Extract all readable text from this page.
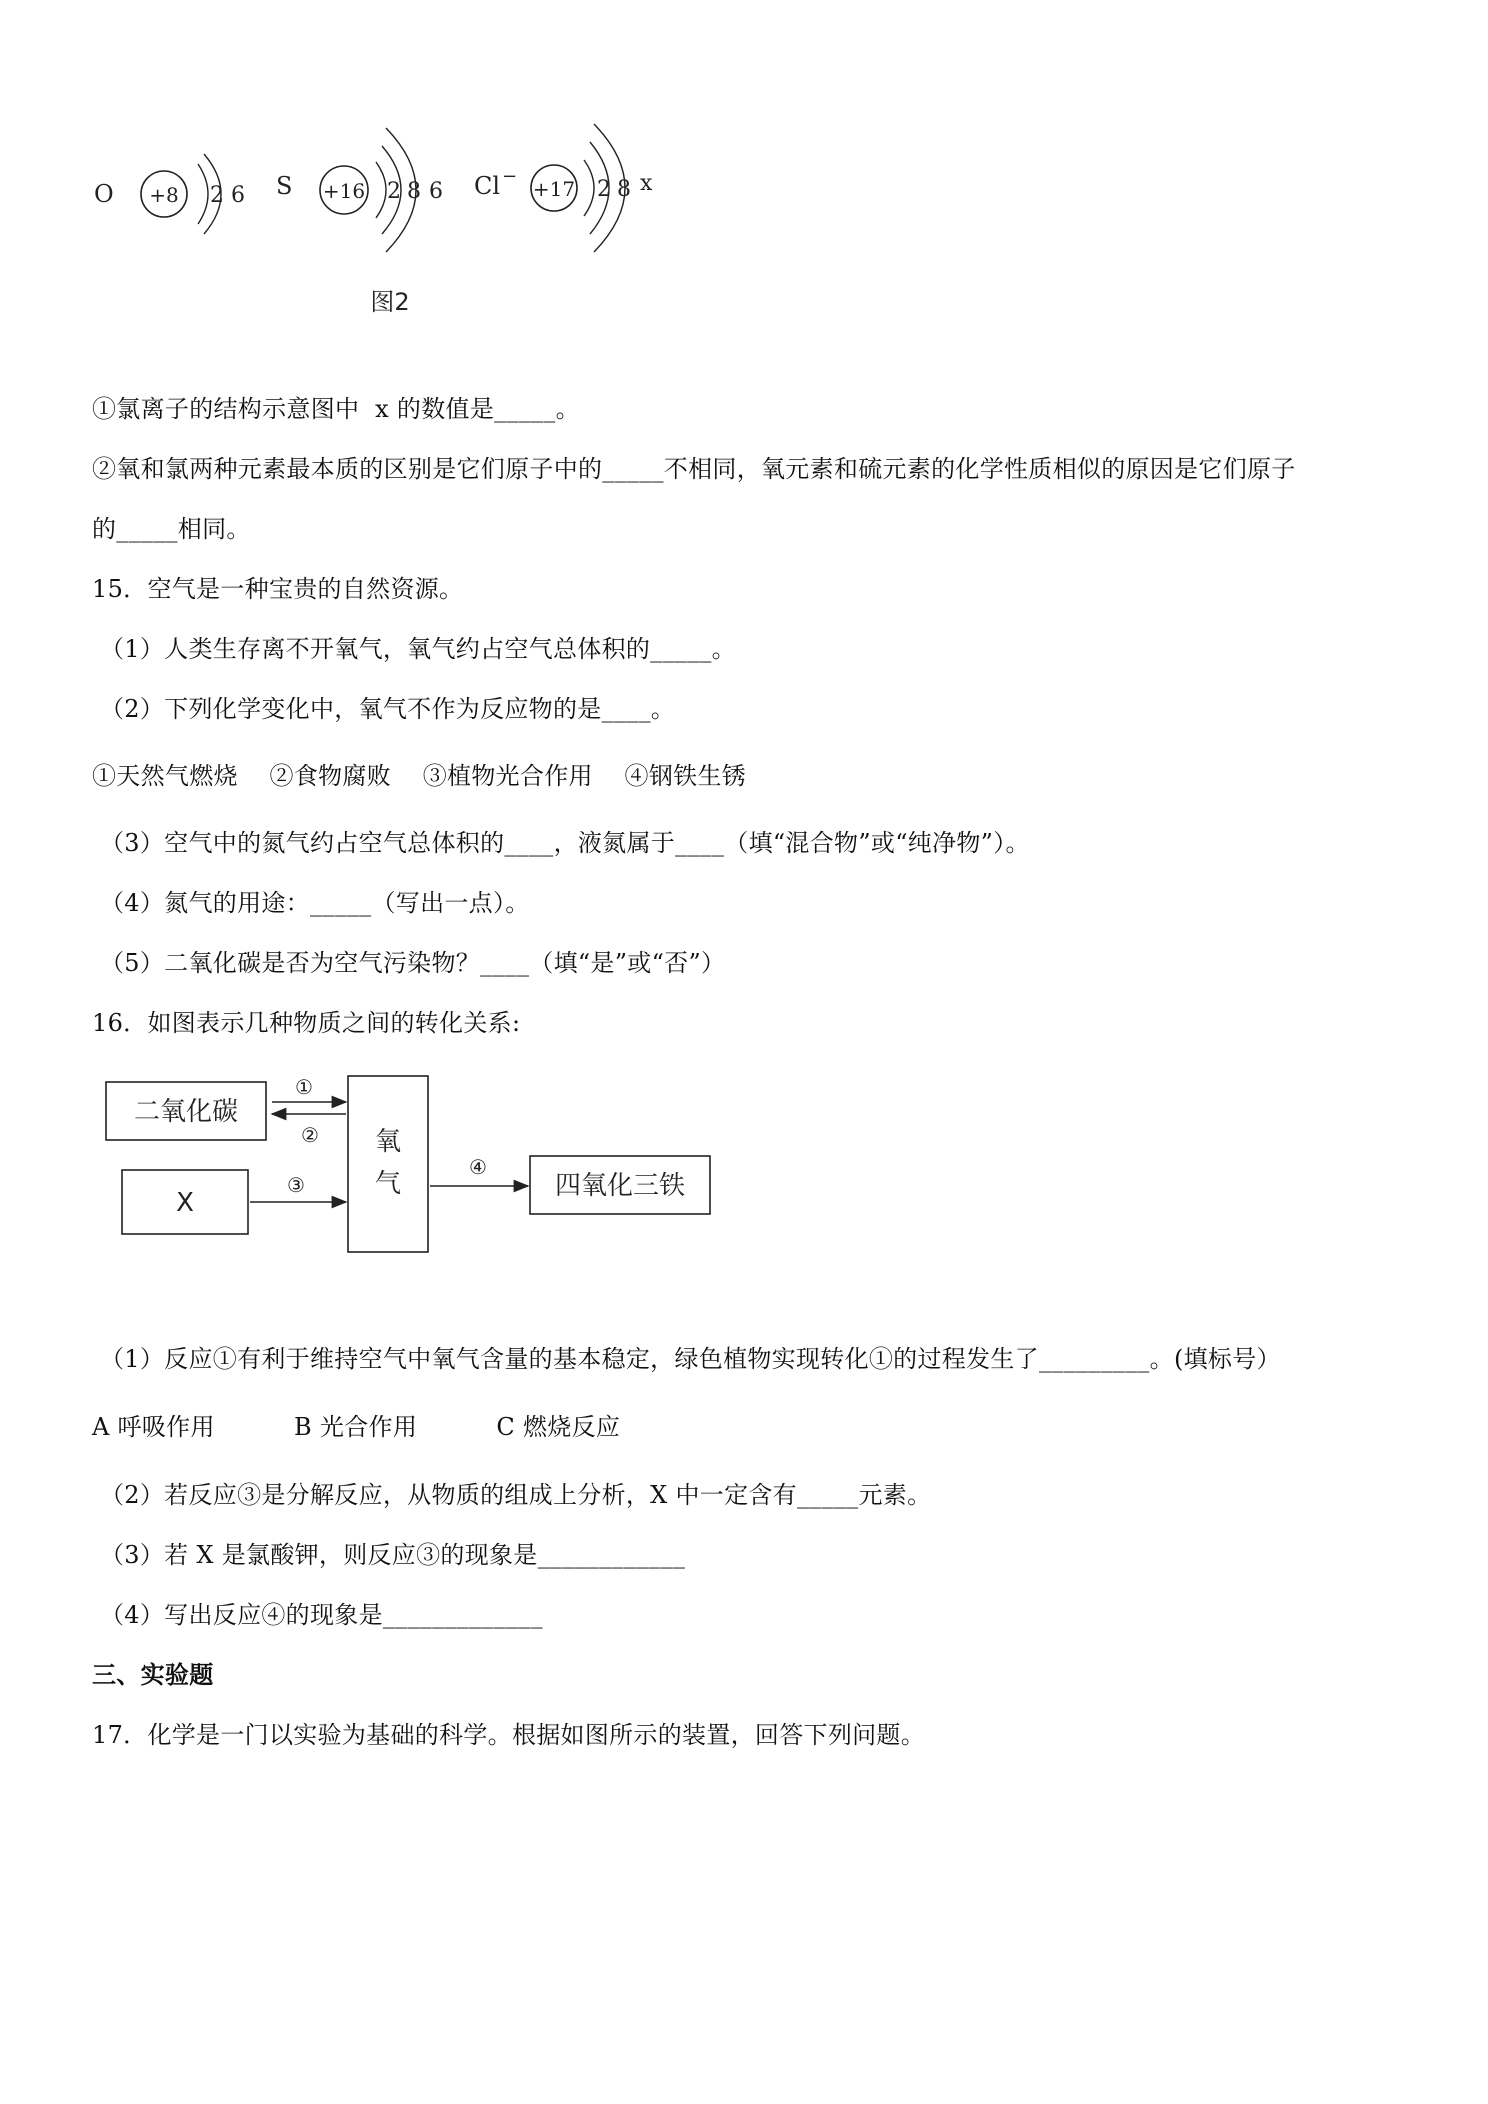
O +8 2 6 S +16 2 8 6 Cl −
+17 2 8 x
图2
①氯离子的结构示意图中  x 的数值是_____。
②氧和氯两种元素最本质的区别是它们原子中的_____不相同，氧元素和硫元素的化学性质相似的原因是它们原子
的_____相同。
15．空气是一种宝贵的自然资源。
（1）人类生存离不开氧气，氧气约占空气总体积的_____。
（2）下列化学变化中，氧气不作为反应物的是____。
①天然气燃烧    ②食物腐败    ③植物光合作用    ④钢铁生锈
（3）空气中的氮气约占空气总体积的____，液氮属于____（填“混合物”或“纯净物”）。
（4）氮气的用途：_____（写出一点）。
（5）二氧化碳是否为空气污染物？____（填“是”或“否”）
16．如图表示几种物质之间的转化关系:
二氧化碳
X
氧
气	四氧化三铁
①
②
③
④
（1）反应①有利于维持空气中氧气含量的基本稳定，绿色植物实现转化①的过程发生了_________。(填标号）
A 呼吸作用          B 光合作用          C 燃烧反应
（2）若反应③是分解反应，从物质的组成上分析，X 中一定含有_____元素。
（3）若 X 是氯酸钾，则反应③的现象是____________
（4）写出反应④的现象是_____________
三、实验题
17．化学是一门以实验为基础的科学。根据如图所示的装置，回答下列问题。
